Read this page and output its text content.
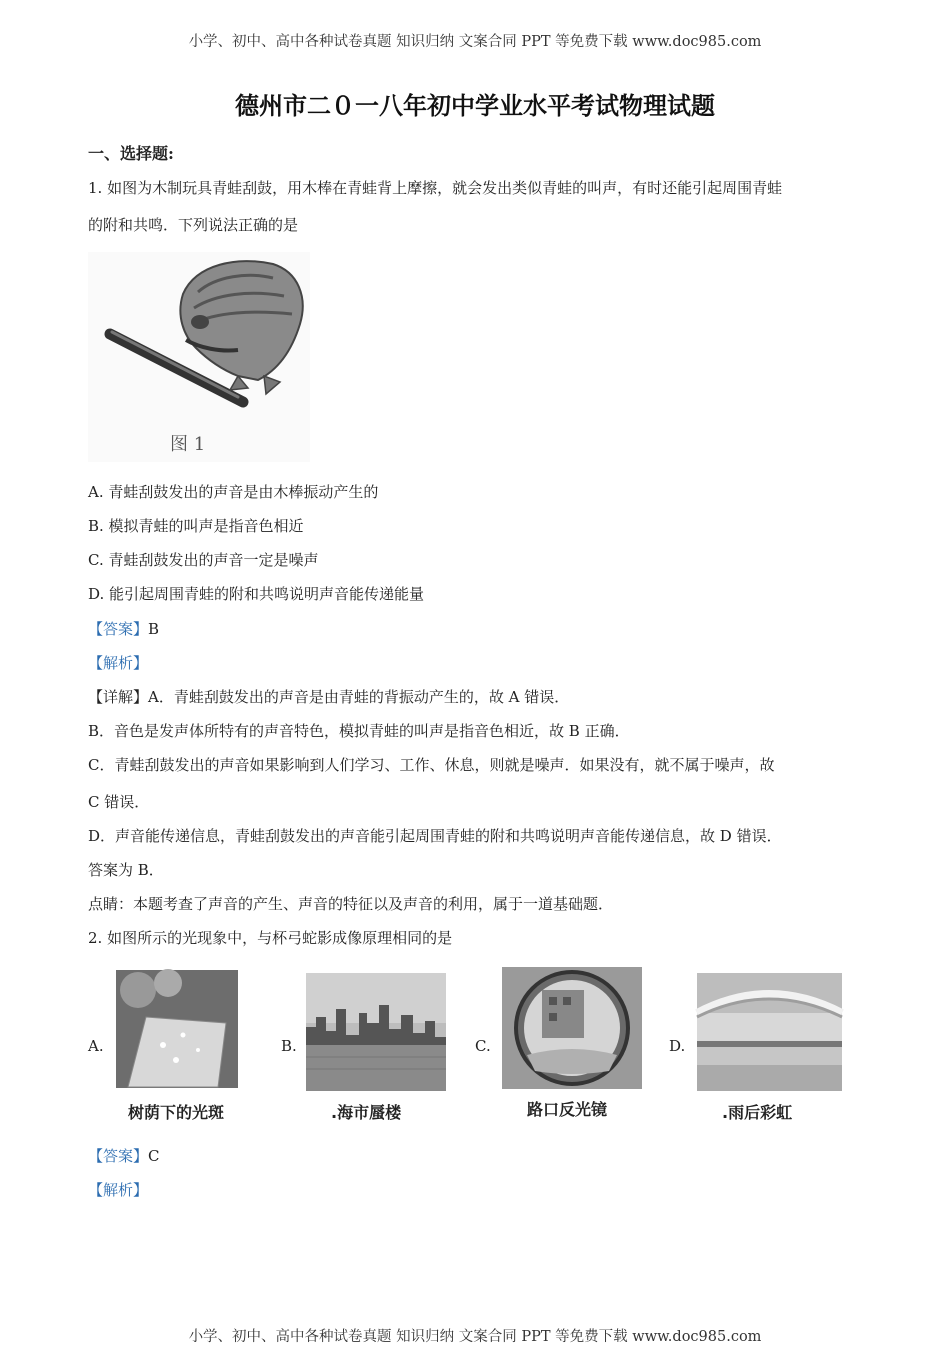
小学、初中、高中各种试卷真题 知识归纳 文案合同 PPT 等免费下载 www.doc985.com
德州市二０一八年初中学业水平考试物理试题
一、选择题:
1. 如图为木制玩具青蛙刮鼓，用木棒在青蛙背上摩擦，就会发出类似青蛙的叫声，有时还能引起周围青蛙
的附和共鸣．下列说法正确的是
图 1
A. 青蛙刮鼓发出的声音是由木棒振动产生的
B. 模拟青蛙的叫声是指音色相近
C. 青蛙刮鼓发出的声音一定是噪声
D. 能引起周围青蛙的附和共鸣说明声音能传递能量
【答案】B
【解析】
【详解】A．青蛙刮鼓发出的声音是由青蛙的背振动产生的，故 A 错误．
B．音色是发声体所特有的声音特色，模拟青蛙的叫声是指音色相近，故 B 正确．
C．青蛙刮鼓发出的声音如果影响到人们学习、工作、休息，则就是噪声．如果没有，就不属于噪声，故
C 错误．
D．声音能传递信息，青蛙刮鼓发出的声音能引起周围青蛙的附和共鸣说明声音能传递信息，故 D 错误．
答案为 B．
点睛：本题考查了声音的产生、声音的特征以及声音的利用，属于一道基础题．
2. 如图所示的光现象中，与杯弓蛇影成像原理相同的是
A.
树荫下的光斑
B.
.海市蜃楼
C.
路口反光镜
D.
.雨后彩虹
【答案】C
【解析】
小学、初中、高中各种试卷真题 知识归纳 文案合同 PPT 等免费下载 www.doc985.com
